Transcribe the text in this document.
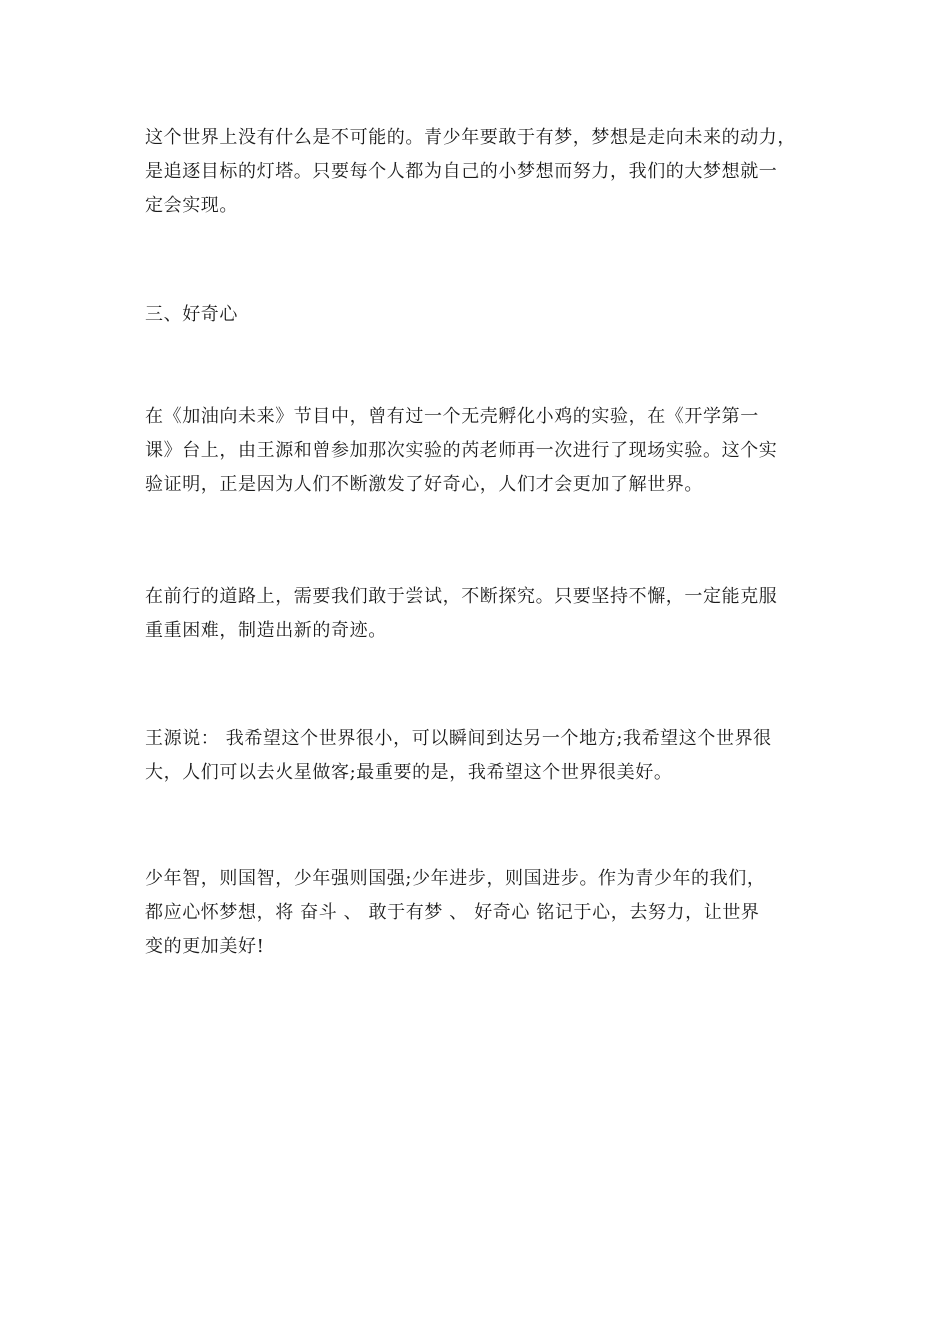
这个世界上没有什么是不可能的。青少年要敢于有梦，梦想是走向未来的动力，
是追逐目标的灯塔。只要每个人都为自己的小梦想而努力，我们的大梦想就一
定会实现。
三、好奇心
在《加油向未来》节目中，曾有过一个无壳孵化小鸡的实验，在《开学第一
课》台上，由王源和曾参加那次实验的芮老师再一次进行了现场实验。这个实
验证明，正是因为人们不断激发了好奇心，人们才会更加了解世界。
在前行的道路上，需要我们敢于尝试，不断探究。只要坚持不懈，一定能克服
重重困难，制造出新的奇迹。
王源说： 我希望这个世界很小，可以瞬间到达另一个地方;我希望这个世界很
大，人们可以去火星做客;最重要的是，我希望这个世界很美好。
少年智，则国智，少年强则国强;少年进步，则国进步。作为青少年的我们，
都应心怀梦想，将 奋斗 、 敢于有梦 、 好奇心 铭记于心，去努力，让世界
变的更加美好!
